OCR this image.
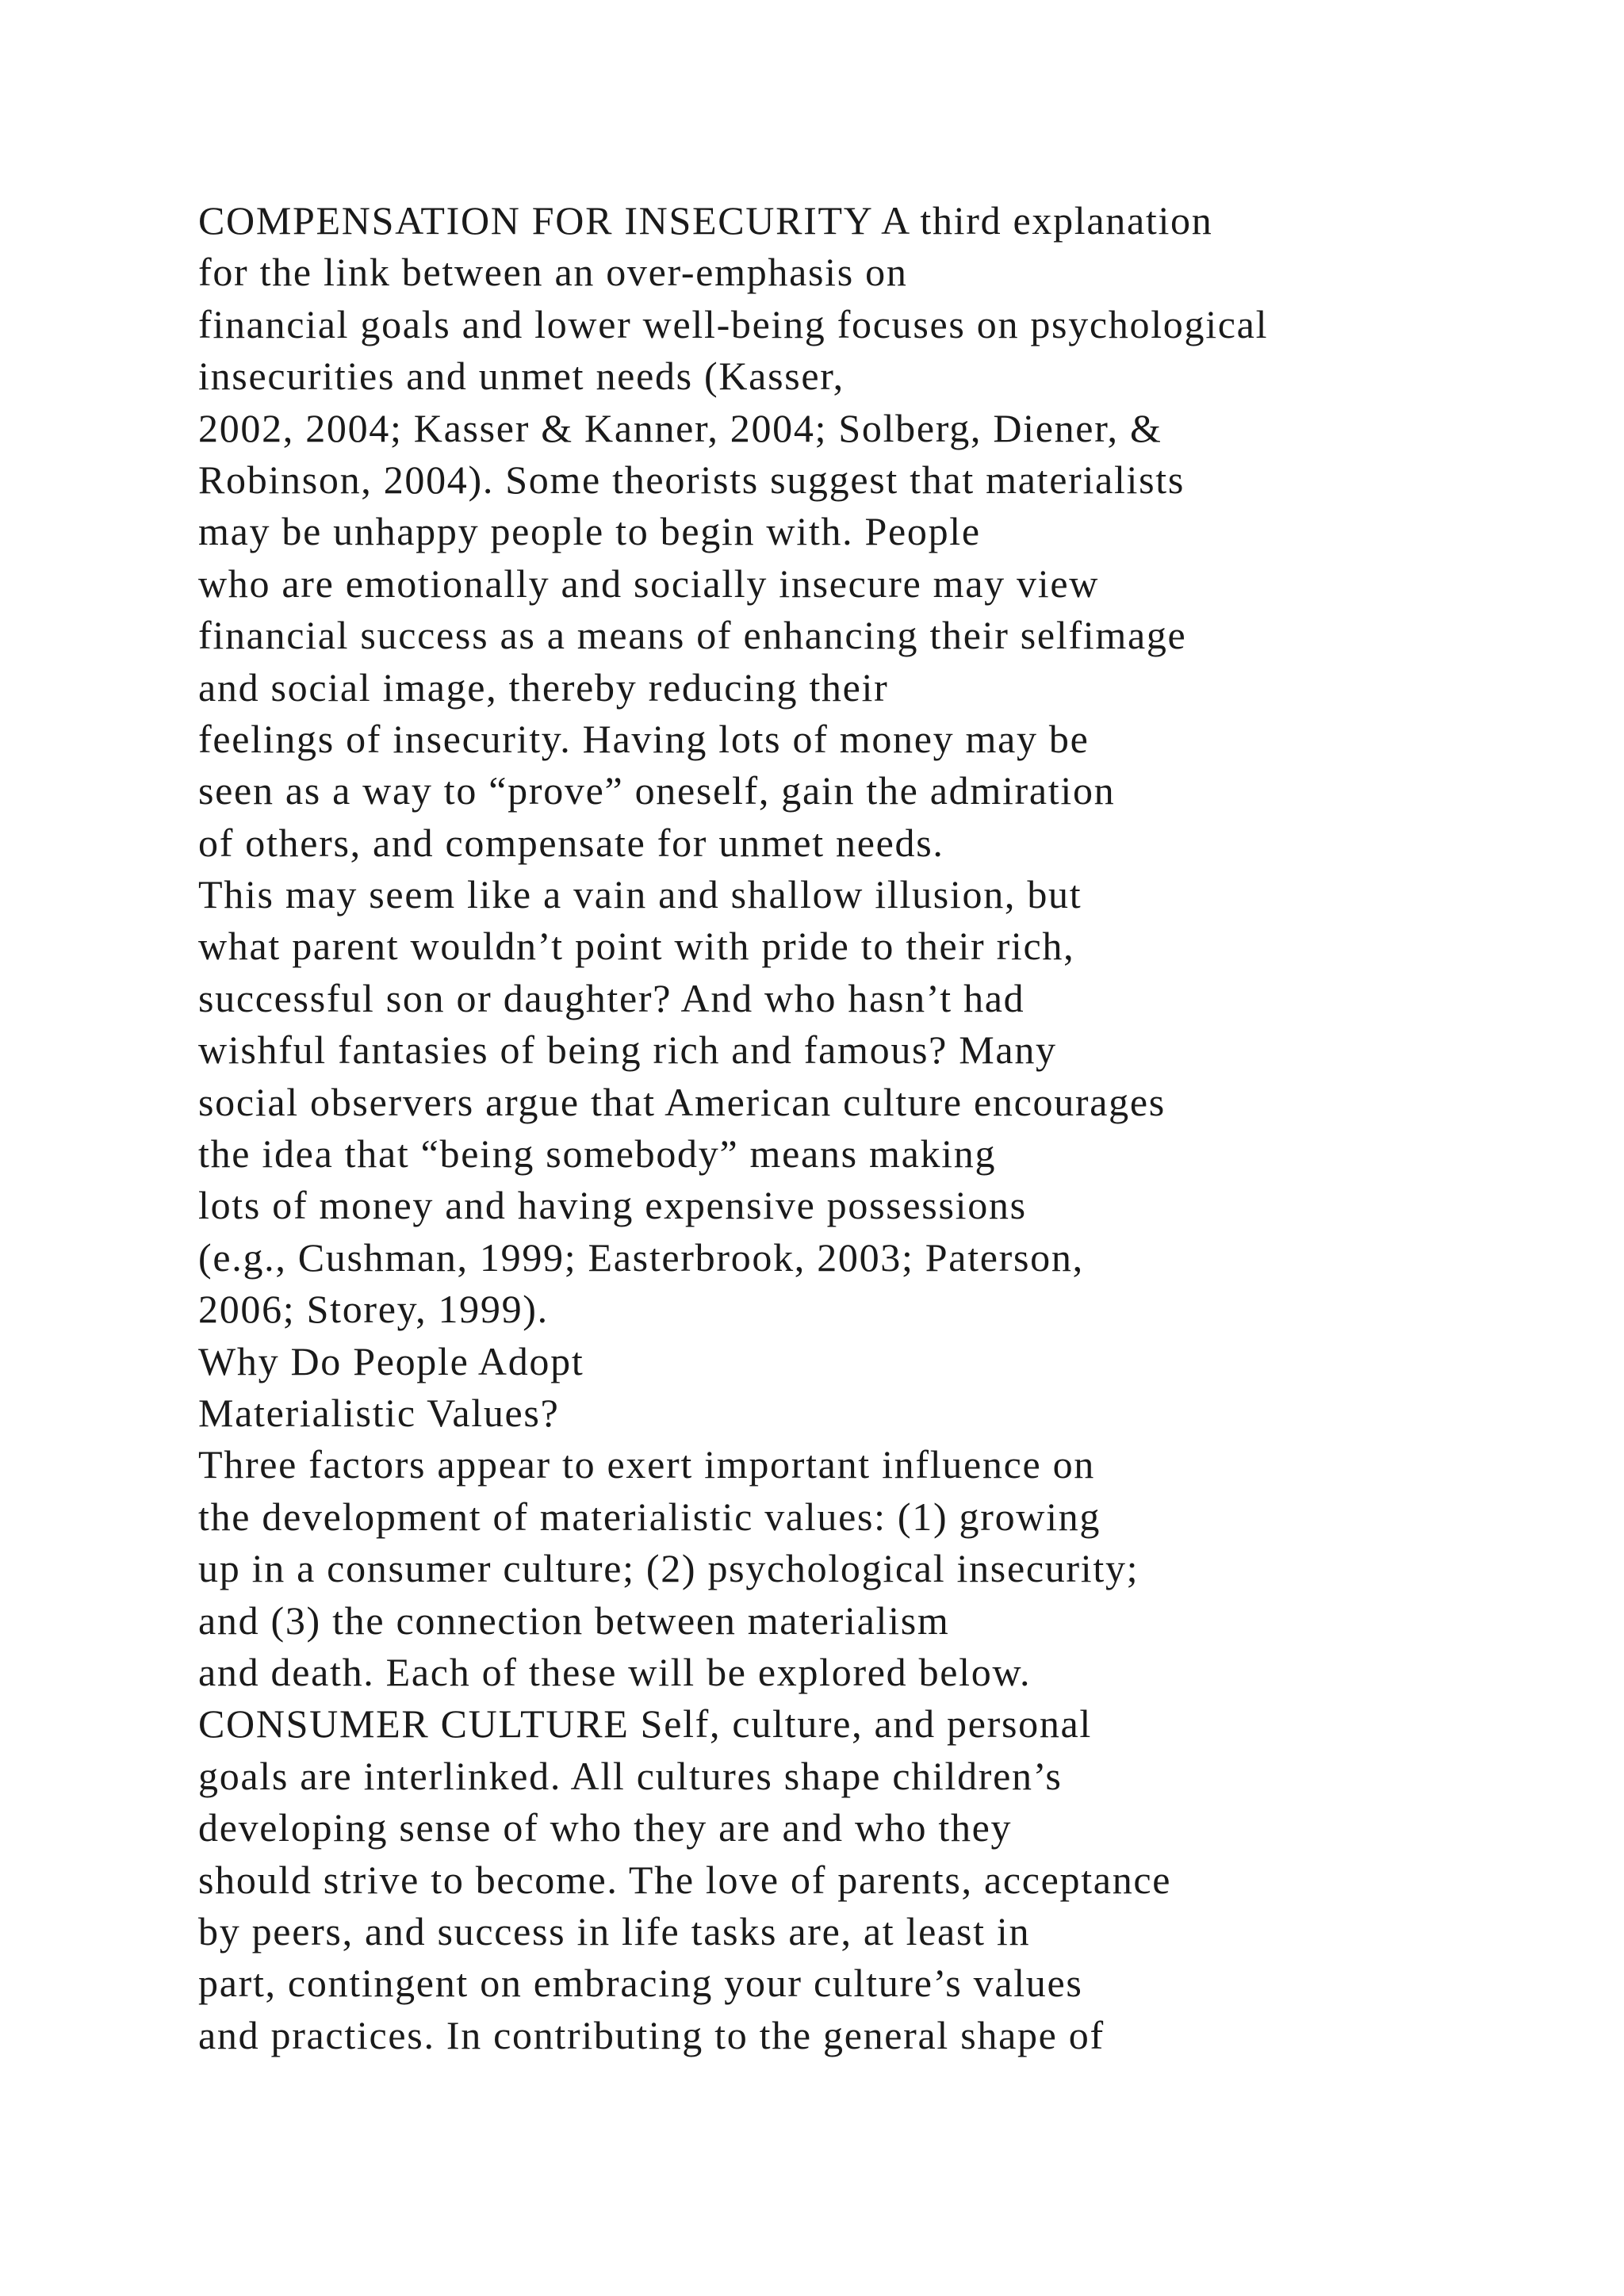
COMPENSATION FOR INSECURITY A third explanation
for the link between an over-emphasis on
financial goals and lower well-being focuses on psychological
insecurities and unmet needs (Kasser,
2002, 2004; Kasser & Kanner, 2004; Solberg, Diener, &
Robinson, 2004). Some theorists suggest that materialists
may be unhappy people to begin with. People
who are emotionally and socially insecure may view
financial success as a means of enhancing their selfimage
and social image, thereby reducing their
feelings of insecurity. Having lots of money may be
seen as a way to “prove” oneself, gain the admiration
of others, and compensate for unmet needs.
This may seem like a vain and shallow illusion, but
what parent wouldn’t point with pride to their rich,
successful son or daughter? And who hasn’t had
wishful fantasies of being rich and famous? Many
social observers argue that American culture encourages
the idea that “being somebody” means making
lots of money and having expensive possessions
(e.g., Cushman, 1999; Easterbrook, 2003; Paterson,
2006; Storey, 1999).
Why Do People Adopt
Materialistic Values?
Three factors appear to exert important influence on
the development of materialistic values: (1) growing
up in a consumer culture; (2) psychological insecurity;
and (3) the connection between materialism
and death. Each of these will be explored below.
CONSUMER CULTURE Self, culture, and personal
goals are interlinked. All cultures shape children’s
developing sense of who they are and who they
should strive to become. The love of parents, acceptance
by peers, and success in life tasks are, at least in
part, contingent on embracing your culture’s values
and practices. In contributing to the general shape of
